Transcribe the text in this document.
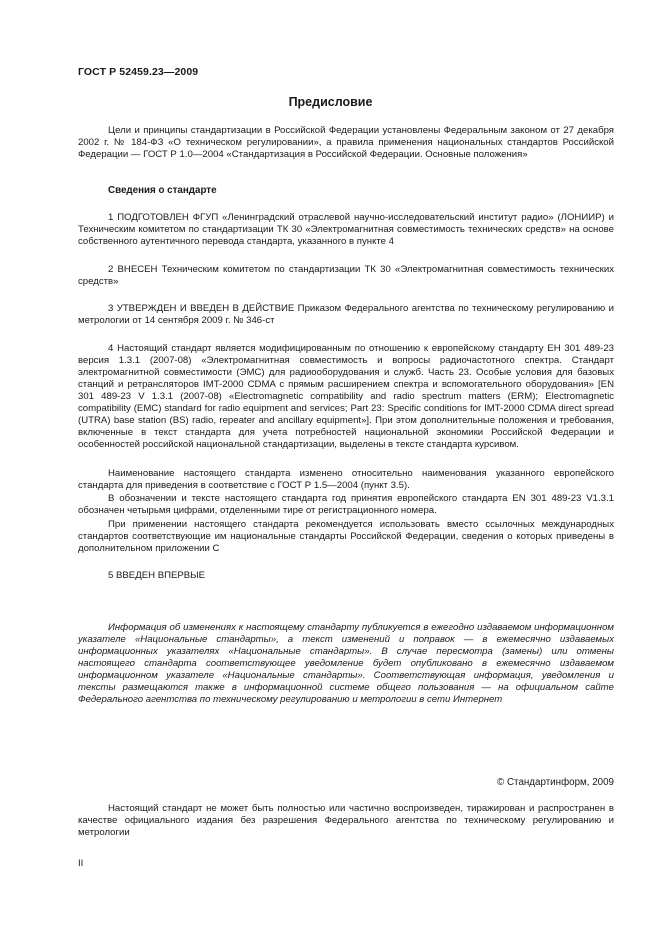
ГОСТ Р 52459.23—2009
Предисловие

Цели и принципы стандартизации в Российской Федерации установлены Федеральным законом от 27 декабря 2002 г. № 184-ФЗ «О техническом регулировании», а правила применения национальных стандартов Российской Федерации — ГОСТ Р 1.0—2004 «Стандартизация в Российской Федерации. Основные положения»

Сведения о стандарте

1 ПОДГОТОВЛЕН ФГУП «Ленинградский отраслевой научно-исследовательский институт радио» (ЛОНИИР) и Техническим комитетом по стандартизации ТК 30 «Электромагнитная совместимость технических средств» на основе собственного аутентичного перевода стандарта, указанного в пункте 4

2 ВНЕСЕН Техническим комитетом по стандартизации ТК 30 «Электромагнитная совместимость технических средств»

3 УТВЕРЖДЕН И ВВЕДЕН В ДЕЙСТВИЕ Приказом Федерального агентства по техническому регулированию и метрологии от 14 сентября 2009 г. № 346-ст

4 Настоящий стандарт является модифицированным по отношению к европейскому стандарту ЕН 301 489-23 версия 1.3.1 (2007-08) «Электромагнитная совместимость и вопросы радиочастотного спектра. Стандарт электромагнитной совместимости (ЭМС) для радиооборудования и служб. Часть 23. Особые условия для базовых станций и ретрансляторов IMT-2000 CDMA с прямым расширением спектра и вспомогательного оборудования» [EN 301 489-23 V 1.3.1 (2007-08) «Electromagnetic compatibility and radio spectrum matters (ERM); Electromagnetic compatibility (EMC) standard for radio equipment and services; Part 23: Specific conditions for IMT-2000 CDMA direct spread (UTRA) base station (BS) radio, repeater and ancillary equipment»]. При этом дополнительные положения и требования, включенные в текст стандарта для учета потребностей национальной экономики Российской Федерации и особенностей российской национальной стандартизации, выделены в тексте стандарта курсивом.

Наименование настоящего стандарта изменено относительно наименования указанного европейского стандарта для приведения в соответствие с ГОСТ Р 1.5—2004 (пункт 3.5).

В обозначении и тексте настоящего стандарта год принятия европейского стандарта EN 301 489-23 V1.3.1 обозначен четырьмя цифрами, отделенными тире от регистрационного номера.

При применении настоящего стандарта рекомендуется использовать вместо ссылочных международных стандартов соответствующие им национальные стандарты Российской Федерации, сведения о которых приведены в дополнительном приложении С

5 ВВЕДЕН ВПЕРВЫЕ

Информация об изменениях к настоящему стандарту публикуется в ежегодно издаваемом информационном указателе «Национальные стандарты», а текст изменений и поправок — в ежемесячно издаваемых информационных указателях «Национальные стандарты». В случае пересмотра (замены) или отмены настоящего стандарта соответствующее уведомление будет опубликовано в ежемесячно издаваемом информационном указателе «Национальные стандарты». Соответствующая информация, уведомления и тексты размещаются также в информационной системе общего пользования — на официальном сайте Федерального агентства по техническому регулированию и метрологии в сети Интернет

© Стандартинформ, 2009

Настоящий стандарт не может быть полностью или частично воспроизведен, тиражирован и распространен в качестве официального издания без разрешения Федерального агентства по техническому регулированию и метрологии

II
